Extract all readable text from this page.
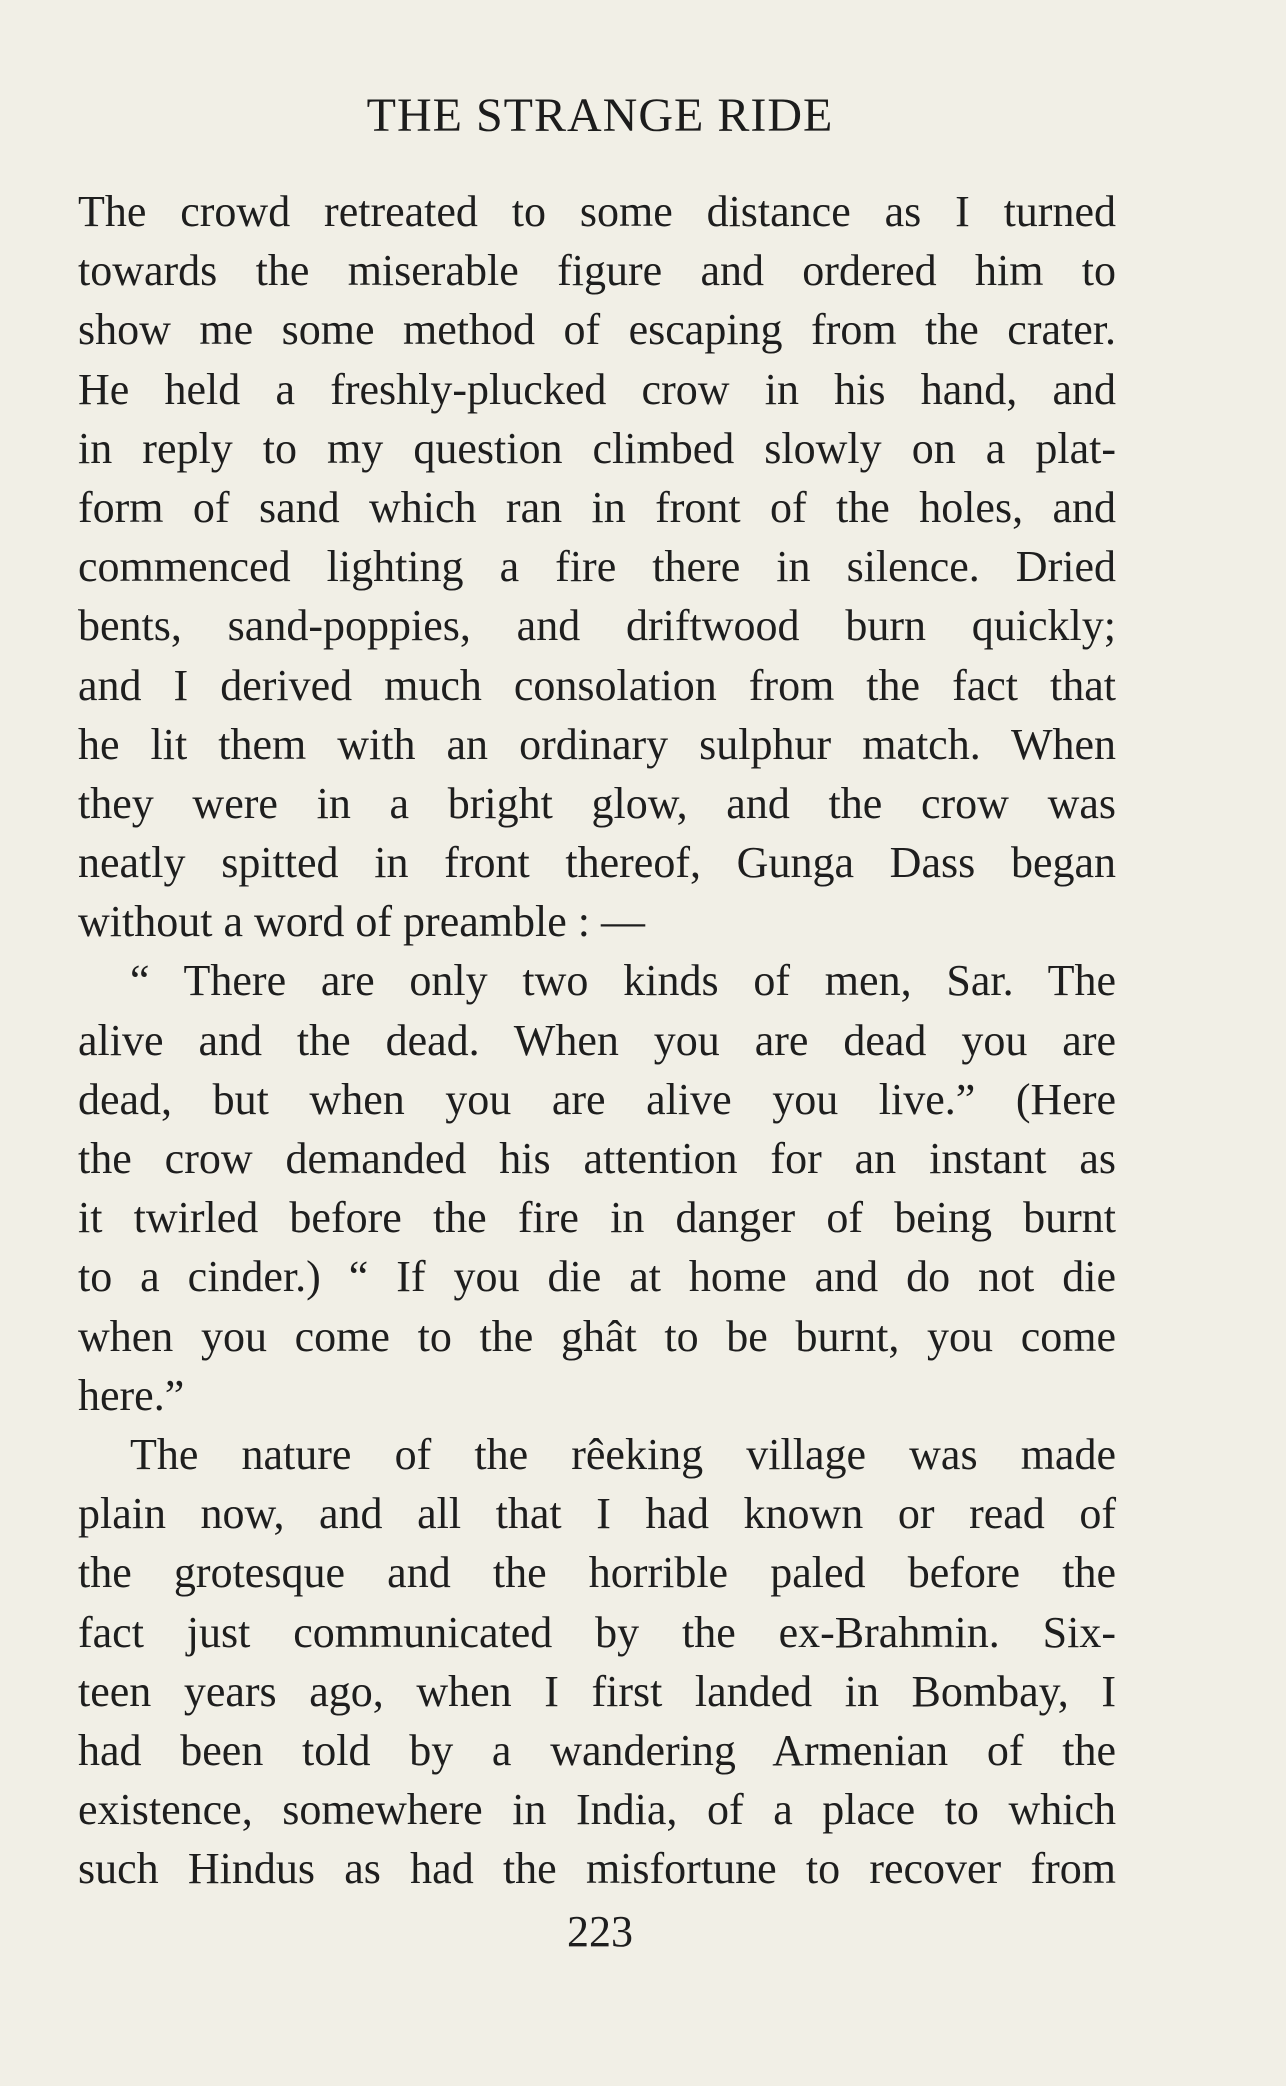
THE STRANGE RIDE
The crowd retreated to some distance as I turned
towards the miserable figure and ordered him to
show me some method of escaping from the crater.
He held a freshly-plucked crow in his hand, and
in reply to my question climbed slowly on a plat-
form of sand which ran in front of the holes, and
commenced lighting a fire there in silence. Dried
bents, sand-poppies, and driftwood burn quickly;
and I derived much consolation from the fact that
he lit them with an ordinary sulphur match. When
they were in a bright glow, and the crow was
neatly spitted in front thereof, Gunga Dass began
without a word of preamble : —
“ There are only two kinds of men, Sar. The
alive and the dead. When you are dead you are
dead, but when you are alive you live.” (Here
the crow demanded his attention for an instant as
it twirled before the fire in danger of being burnt
to a cinder.) “ If you die at home and do not die
when you come to the ghât to be burnt, you come
here.”
The nature of the rêeking village was made
plain now, and all that I had known or read of
the grotesque and the horrible paled before the
fact just communicated by the ex-Brahmin. Six-
teen years ago, when I first landed in Bombay, I
had been told by a wandering Armenian of the
existence, somewhere in India, of a place to which
such Hindus as had the misfortune to recover from
223
